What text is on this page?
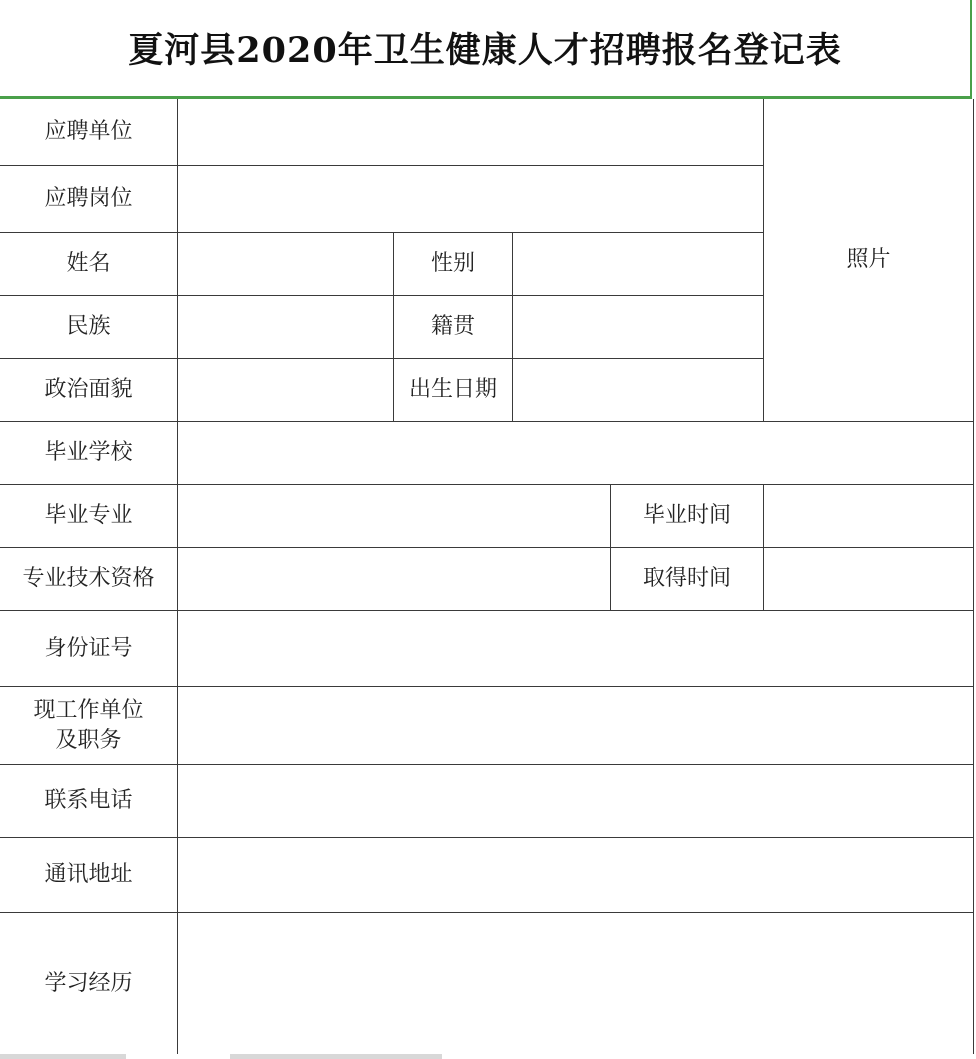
夏河县2020年卫生健康人才招聘报名登记表
应聘单位
应聘岗位
姓名	性别
民族	籍贯
政治面貌	出生日期
照片
毕业学校
毕业专业	毕业时间
专业技术资格	取得时间
身份证号
现工作单位
及职务
联系电话
通讯地址
学习经历
